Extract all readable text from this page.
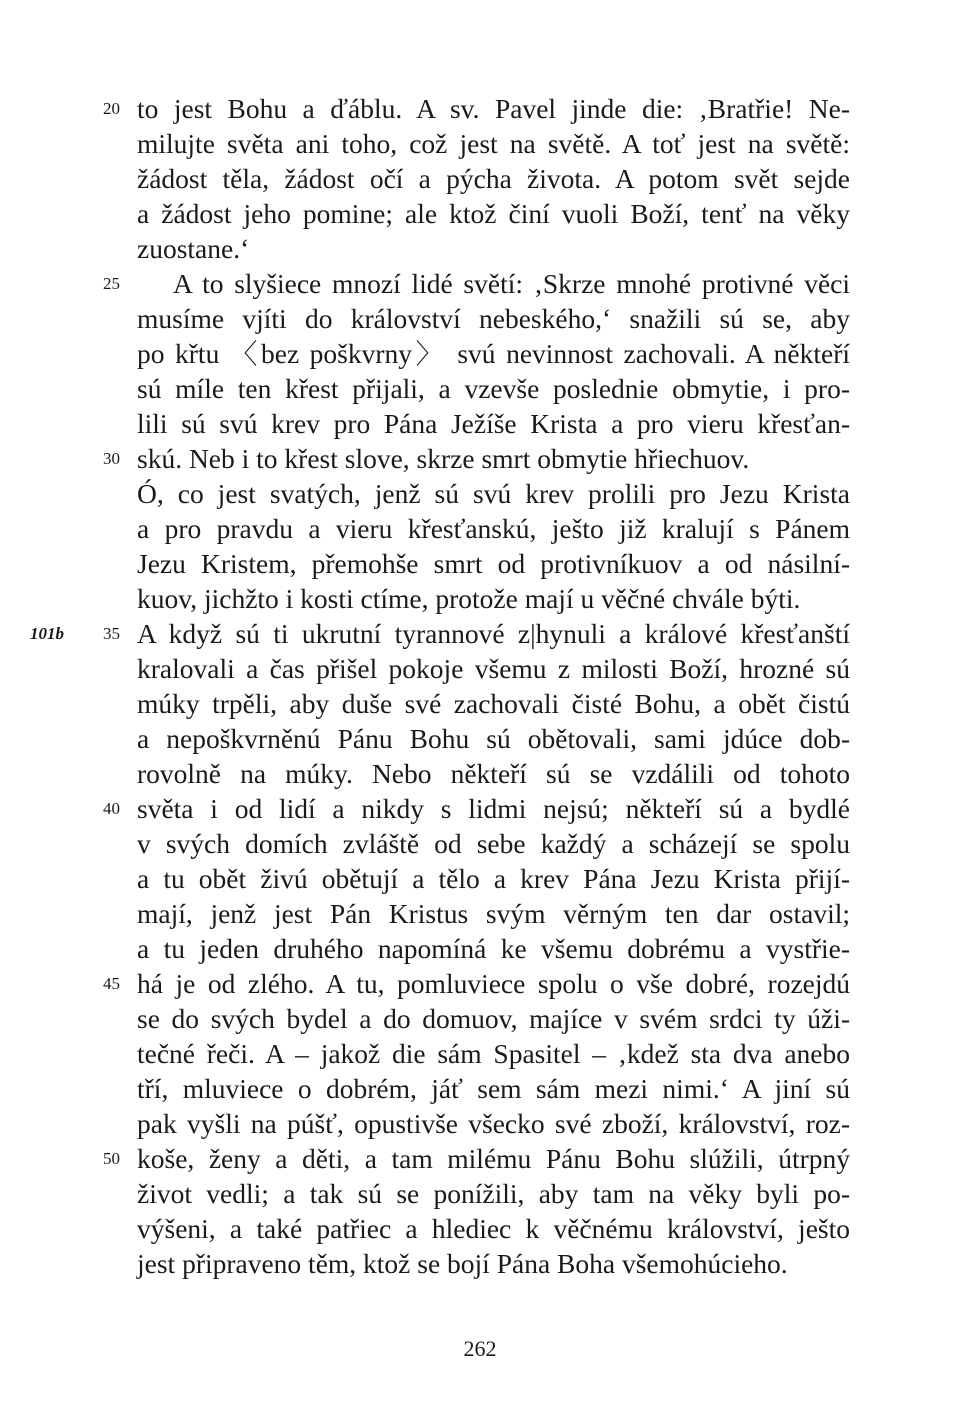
to jest Bohu a ďáblu. A sv. Pavel jinde die: ‚Bratřie! Ne-
milujte světa ani toho, což jest na světě. A toť jest na světě:
žádost těla, žádost očí a pýcha života. A potom svět sejde
a žádost jeho pomine; ale ktož činí vuoli Boží, tenť na věky
zuostane.‘
A to slyšiece mnozí lidé světí: ‚Skrze mnohé protivné věci
musíme vjíti do království nebeského,‘ snažili sú se, aby
po křtu 〈bez poškvrny〉 svú nevinnost zachovali. A někteří
sú míle ten křest přijali, a vzevše poslednie obmytie, i pro-
lili sú svú krev pro Pána Ježíše Krista a pro vieru křesťan-
skú. Neb i to křest slove, skrze smrt obmytie hřiechuov.
Ó, co jest svatých, jenž sú svú krev prolili pro Jezu Krista
a pro pravdu a vieru křesťanskú, ješto již kralují s Pánem
Jezu Kristem, přemohše smrt od protivníkuov a od násilní-
kuov, jichžto i kosti ctíme, protože mají u věčné chvále býti.
A když sú ti ukrutní tyrannové z|hynuli a králové křesťanští
kralovali a čas přišel pokoje všemu z milosti Boží, hrozné sú
múky trpěli, aby duše své zachovali čisté Bohu, a obět čistú
a nepoškvrněnú Pánu Bohu sú obětovali, sami jdúce dob-
rovolně na múky. Nebo někteří sú se vzdálili od tohoto
světa i od lidí a nikdy s lidmi nejsú; někteří sú a bydlé
v svých domích zvláště od sebe každý a scházejí se spolu
a tu obět živú obětují a tělo a krev Pána Jezu Krista přijí-
mají, jenž jest Pán Kristus svým věrným ten dar ostavil;
a tu jeden druhého napomíná ke všemu dobrému a vystřie-
há je od zlého. A tu, pomluviece spolu o vše dobré, rozejdú
se do svých bydel a do domuov, majíce v svém srdci ty úži-
tečné řeči. A – jakož die sám Spasitel – ‚kdež sta dva anebo
tří, mluviece o dobrém, jáť sem sám mezi nimi.‘ A jiní sú
pak vyšli na púšť, opustivše všecko své zboží, království, roz-
koše, ženy a děti, a tam milému Pánu Bohu slúžili, útrpný
život vedli; a tak sú se ponížili, aby tam na věky byli po-
výšeni, a také patřiec a hlediec k věčnému království, ješto
jest připraveno těm, ktož se bojí Pána Boha všemohúcieho.
20
25
30
35
40
45
50
101b
262
